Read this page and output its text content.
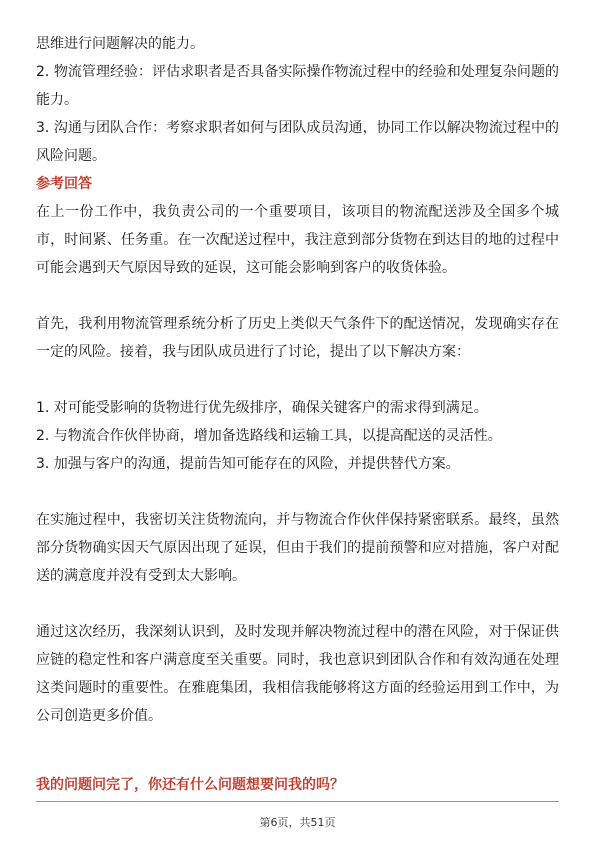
思维进行问题解决的能力。

2. 物流管理经验：评估求职者是否具备实际操作物流过程中的经验和处理复杂问题的能力。

3. 沟通与团队合作：考察求职者如何与团队成员沟通，协同工作以解决物流过程中的风险问题。

参考回答

在上一份工作中，我负责公司的一个重要项目，该项目的物流配送涉及全国多个城市，时间紧、任务重。在一次配送过程中，我注意到部分货物在到达目的地的过程中可能会遇到天气原因导致的延误，这可能会影响到客户的收货体验。

首先，我利用物流管理系统分析了历史上类似天气条件下的配送情况，发现确实存在一定的风险。接着，我与团队成员进行了讨论，提出了以下解决方案：

1. 对可能受影响的货物进行优先级排序，确保关键客户的需求得到满足。

2. 与物流合作伙伴协商，增加备选路线和运输工具，以提高配送的灵活性。

3. 加强与客户的沟通，提前告知可能存在的风险，并提供替代方案。

在实施过程中，我密切关注货物流向，并与物流合作伙伴保持紧密联系。最终，虽然部分货物确实因天气原因出现了延误，但由于我们的提前预警和应对措施，客户对配送的满意度并没有受到太大影响。

通过这次经历，我深刻认识到，及时发现并解决物流过程中的潜在风险，对于保证供应链的稳定性和客户满意度至关重要。同时，我也意识到团队合作和有效沟通在处理这类问题时的重要性。在雅鹿集团，我相信我能够将这方面的经验运用到工作中，为公司创造更多价值。

我的问题问完了，你还有什么问题想要问我的吗？
第6页，共51页
